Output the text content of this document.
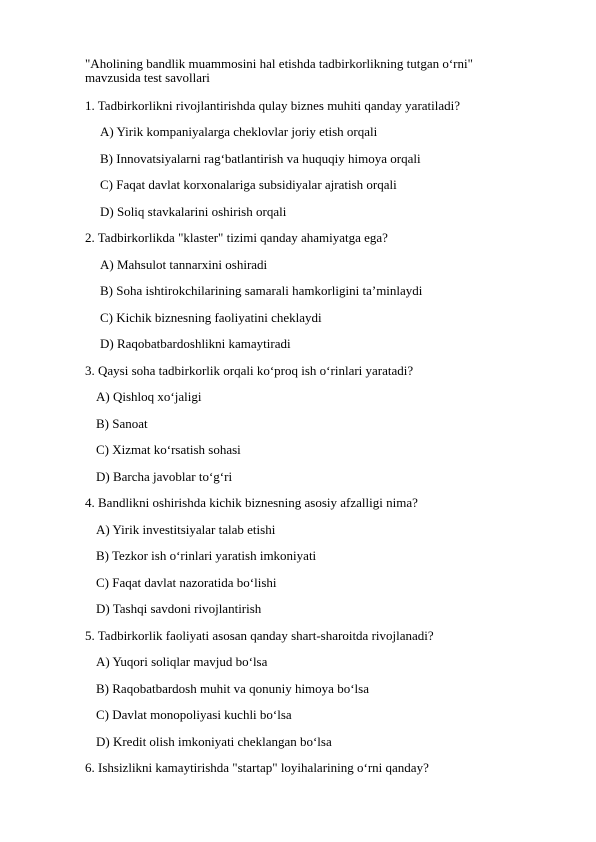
"Aholining bandlik muammosini hal etishda tadbirkorlikning tutgan o‘rni" mavzusida test savollari
1. Tadbirkorlikni rivojlantirishda qulay biznes muhiti qanday yaratiladi?
A) Yirik kompaniyalarga cheklovlar joriy etish orqali
B) Innovatsiyalarni rag‘batlantirish va huquqiy himoya orqali
C) Faqat davlat korxonalariga subsidiyalar ajratish orqali
D) Soliq stavkalarini oshirish orqali
2. Tadbirkorlikda "klaster" tizimi qanday ahamiyatga ega?
A) Mahsulot tannarxini oshiradi
B) Soha ishtirokchilarining samarali hamkorligini ta’minlaydi
C) Kichik biznesning faoliyatini cheklaydi
D) Raqobatbardoshlikni kamaytiradi
3. Qaysi soha tadbirkorlik orqali ko‘proq ish o‘rinlari yaratadi?
A) Qishloq xo‘jaligi
B) Sanoat
C) Xizmat ko‘rsatish sohasi
D) Barcha javoblar to‘g‘ri
4. Bandlikni oshirishda kichik biznesning asosiy afzalligi nima?
A) Yirik investitsiyalar talab etishi
B) Tezkor ish o‘rinlari yaratish imkoniyati
C) Faqat davlat nazoratida bo‘lishi
D) Tashqi savdoni rivojlantirish
5. Tadbirkorlik faoliyati asosan qanday shart-sharoitda rivojlanadi?
A) Yuqori soliqlar mavjud bo‘lsa
B) Raqobatbardosh muhit va qonuniy himoya bo‘lsa
C) Davlat monopoliyasi kuchli bo‘lsa
D) Kredit olish imkoniyati cheklangan bo‘lsa
6. Ishsizlikni kamaytirishda "startap" loyihalarining o‘rni qanday?
